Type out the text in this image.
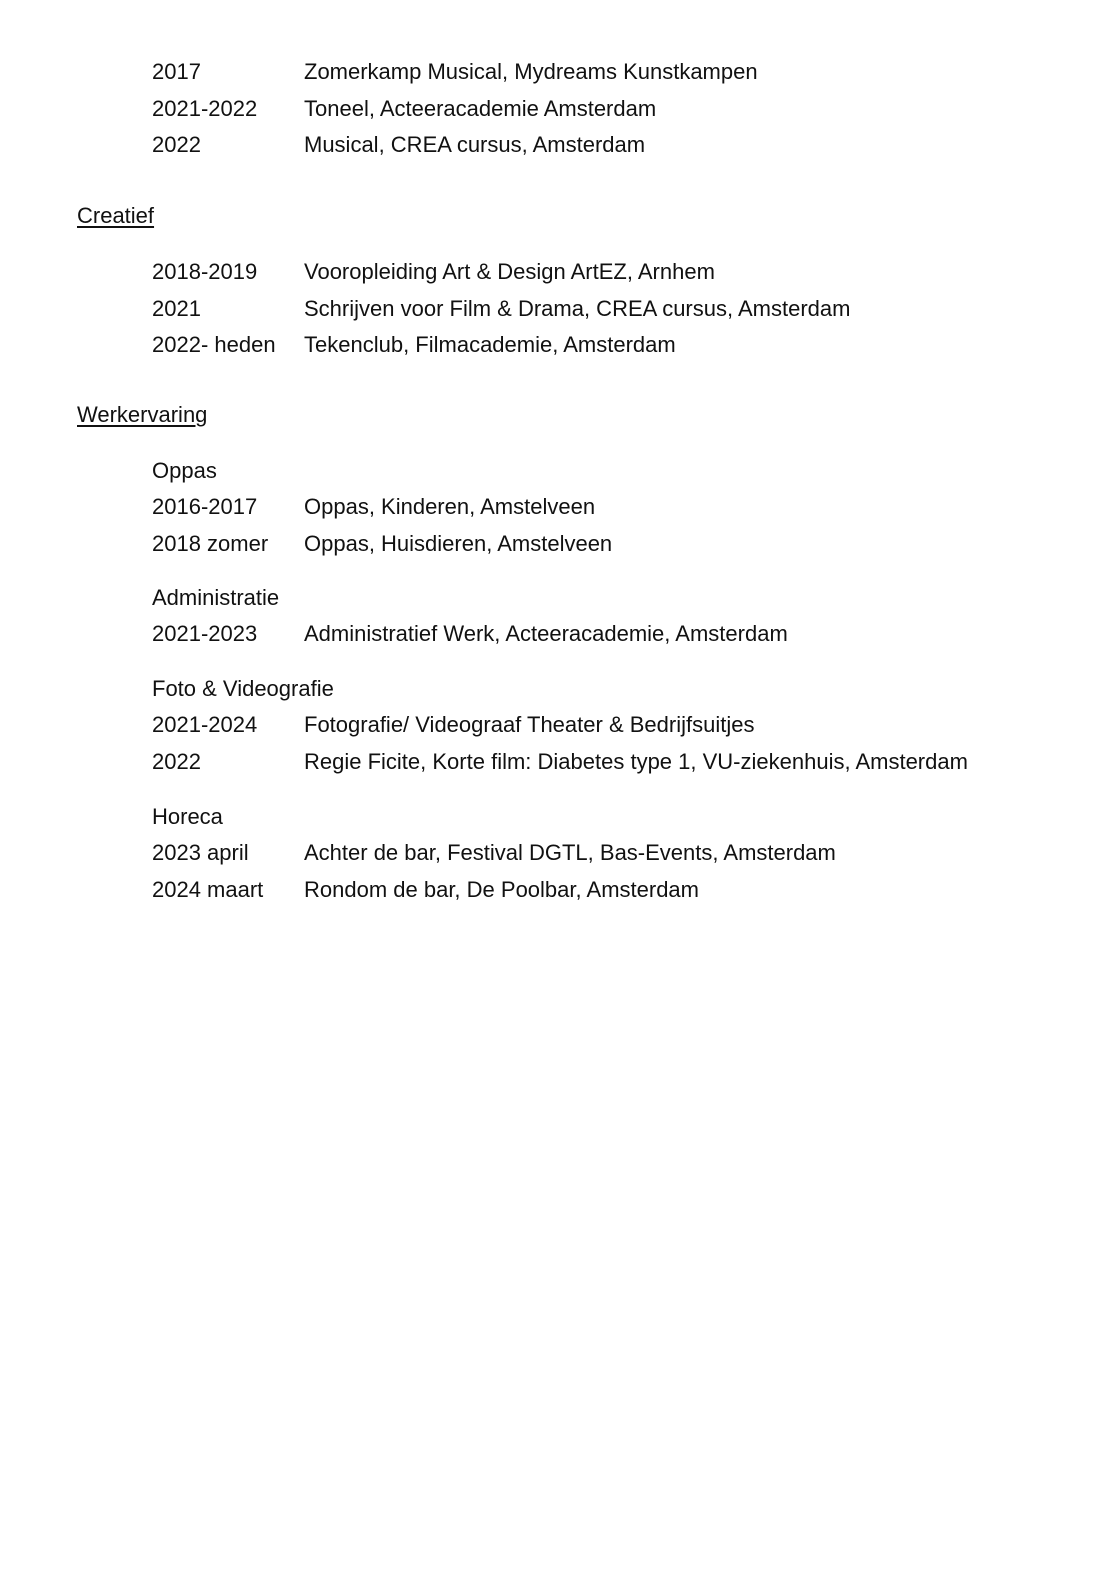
2017	Zomerkamp Musical, Mydreams Kunstkampen
2021-2022 Toneel, Acteeracademie Amsterdam
2022	Musical, CREA cursus, Amsterdam
Creatief
2018-2019 Vooropleiding Art & Design ArtEZ, Arnhem
2021	Schrijven voor Film & Drama, CREA cursus, Amsterdam
2022- heden Tekenclub, Filmacademie, Amsterdam
Werkervaring
Oppas
2016-2017 Oppas, Kinderen, Amstelveen
2018 zomer Oppas, Huisdieren, Amstelveen
Administratie
2021-2023 Administratief Werk, Acteeracademie, Amsterdam
Foto & Videografie
2021-2024 Fotografie/ Videograaf Theater & Bedrijfsuitjes
2022	Regie Ficite, Korte film: Diabetes type 1, VU-ziekenhuis, Amsterdam
Horeca
2023 april	Achter de bar, Festival DGTL, Bas-Events, Amsterdam
2024 maart Rondom de bar, De Poolbar, Amsterdam
